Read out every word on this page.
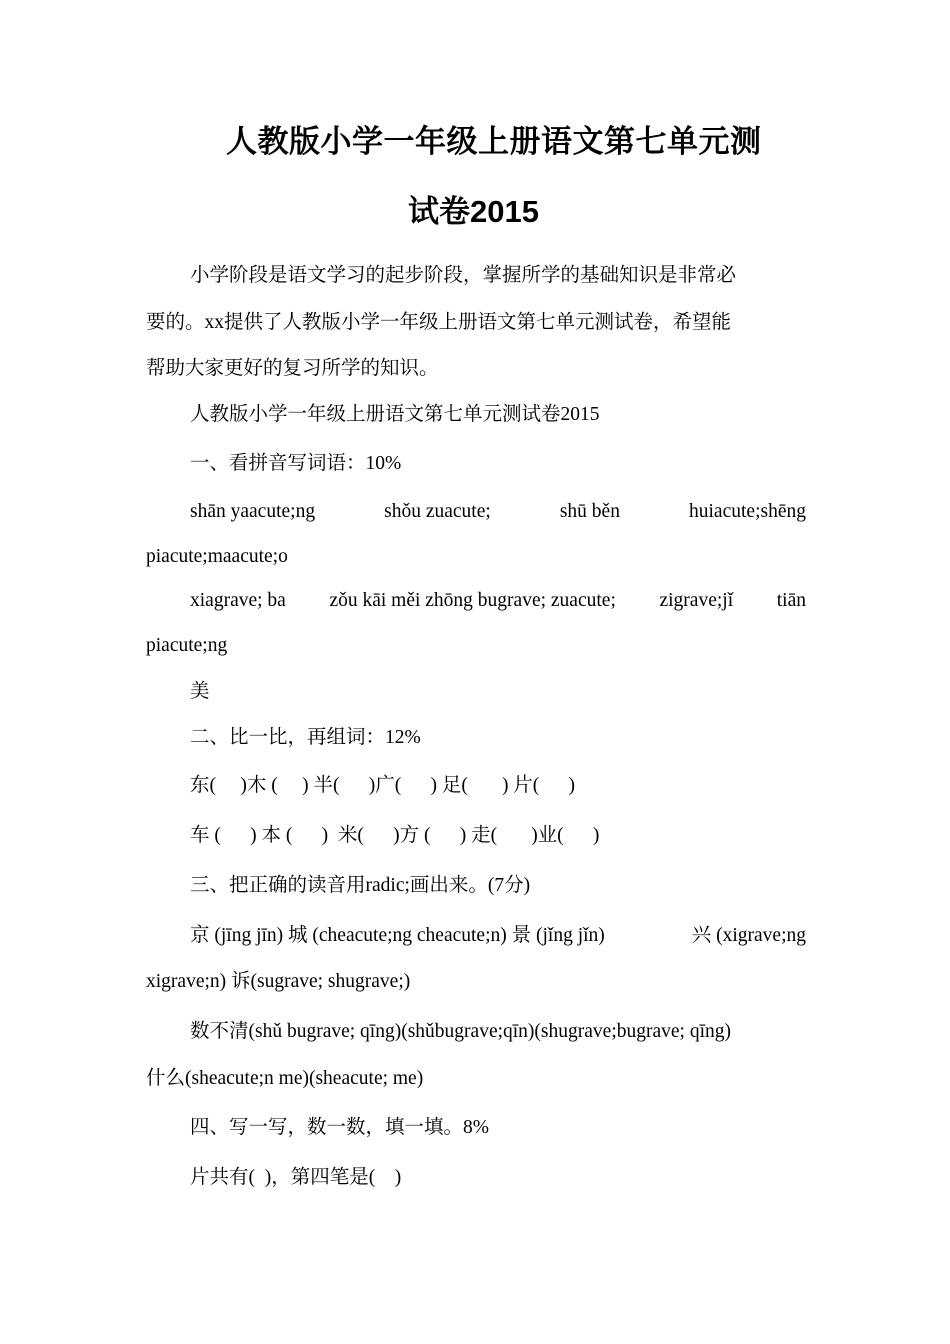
人教版小学一年级上册语文第七单元测
试卷2015
小学阶段是语文学习的起步阶段，掌握所学的基础知识是非常必
要的。xx提供了人教版小学一年级上册语文第七单元测试卷，希望能
帮助大家更好的复习所学的知识。
人教版小学一年级上册语文第七单元测试卷2015
一、看拼音写词语：10%
shān yaacute;ng	shǒu zuacute;	shū běn	huiacute;shēng
piacute;maacute;o
xiagrave; ba zǒu kāi měi zhōng bugrave; zuacute; zigrave;jǐ tiān
piacute;ng
美
二、比一比，再组词：12%
东(     )木 (     ) 半(      )广(      ) 足(       ) 片(      )
车 (      ) 本 (      )  米(      )方 (      ) 走(       )业(      )
三、把正确的读音用radic;画出来。(7分)
京 (jīng jīn) 城 (cheacute;ng cheacute;n) 景 (jǐng jǐn)	兴 (xigrave;ng
xigrave;n) 诉(sugrave; shugrave;)
数不清(shǔ bugrave; qīng)(shǔbugrave;qīn)(shugrave;bugrave; qīng)
什么(sheacute;n me)(sheacute; me)
四、写一写，数一数，填一填。8%
片共有(  )，第四笔是(    )
